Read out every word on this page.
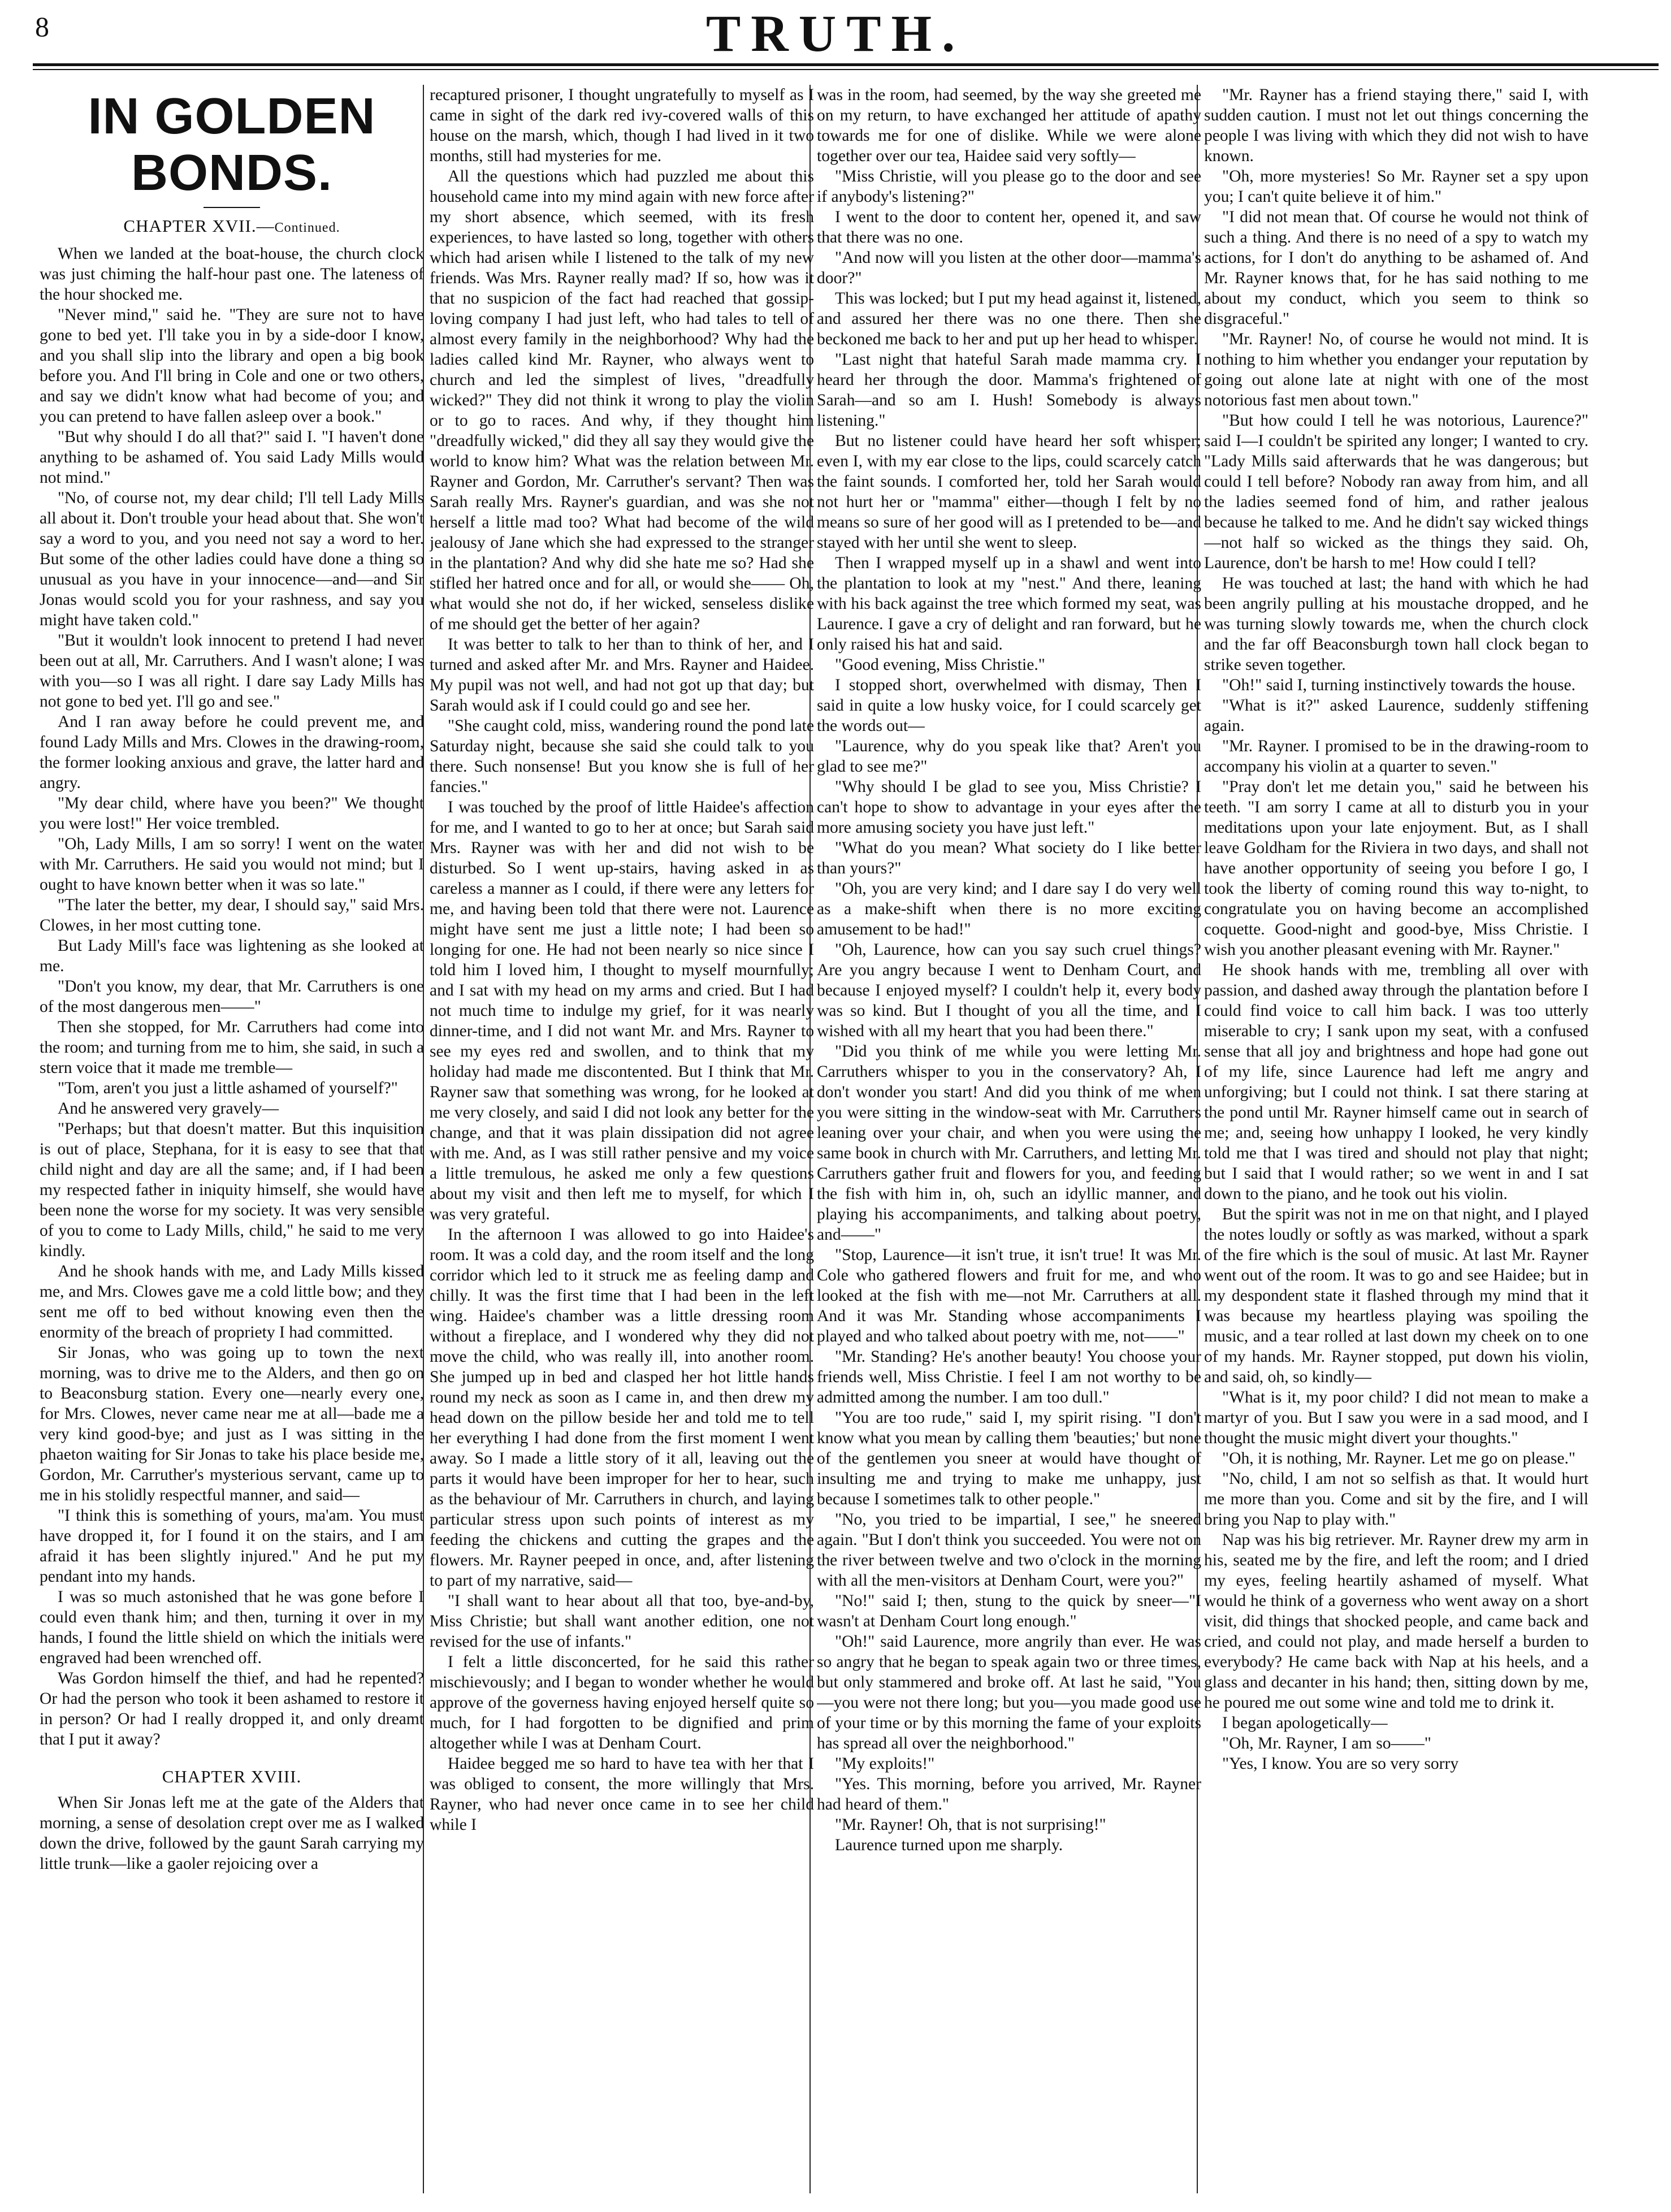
8	TRUTH.
IN GOLDEN BONDS.
CHAPTER XVII.—Continued.

When we landed at the boat-house, the church clock was just chiming the half-hour past one. The lateness of the hour shocked me.

"Never mind," said he. "They are sure not to have gone to bed yet. I'll take you in by a side-door I know, and you shall slip into the library and open a big book before you. And I'll bring in Cole and one or two others, and say we didn't know what had become of you; and you can pretend to have fallen asleep over a book."

"But why should I do all that?" said I. "I haven't done anything to be ashamed of. You said Lady Mills would not mind."

"No, of course not, my dear child; I'll tell Lady Mills all about it. Don't trouble your head about that. She won't say a word to you, and you need not say a word to her. But some of the other ladies could have done a thing so unusual as you have in your innocence—and—and Sir Jonas would scold you for your rashness, and say you might have taken cold."

"But it wouldn't look innocent to pretend I had never been out at all, Mr. Carruthers. And I wasn't alone; I was with you—so I was all right. I dare say Lady Mills has not gone to bed yet. I'll go and see."

And I ran away before he could prevent me, and found Lady Mills and Mrs. Clowes in the drawing-room, the former looking anxious and grave, the latter hard and angry.

"My dear child, where have you been?" We thought you were lost!" Her voice trembled.

"Oh, Lady Mills, I am so sorry! I went on the water with Mr. Carruthers. He said you would not mind; but I ought to have known better when it was so late."

"The later the better, my dear, I should say," said Mrs. Clowes, in her most cutting tone.

But Lady Mill's face was lightening as she looked at me.

"Don't you know, my dear, that Mr. Carruthers is one of the most dangerous men——"

Then she stopped, for Mr. Carruthers had come into the room; and turning from me to him, she said, in such a stern voice that it made me tremble—

"Tom, aren't you just a little ashamed of yourself?"

And he answered very gravely—

"Perhaps; but that doesn't matter. But this inquisition is out of place, Stephana, for it is easy to see that that child night and day are all the same; and, if I had been my respected father in iniquity himself, she would have been none the worse for my society. It was very sensible of you to come to Lady Mills, child," he said to me very kindly.

And he shook hands with me, and Lady Mills kissed me, and Mrs. Clowes gave me a cold little bow; and they sent me off to bed without knowing even then the enormity of the breach of propriety I had committed.

Sir Jonas, who was going up to town the next morning, was to drive me to the Alders, and then go on to Beaconsburg station. Every one—nearly every one, for Mrs. Clowes, never came near me at all—bade me a very kind good-bye; and just as I was sitting in the phaeton waiting for Sir Jonas to take his place beside me, Gordon, Mr. Carruther's mysterious servant, came up to me in his stolidly respectful manner, and said—

"I think this is something of yours, ma'am. You must have dropped it, for I found it on the stairs, and I am afraid it has been slightly injured." And he put my pendant into my hands.

I was so much astonished that he was gone before I could even thank him; and then, turning it over in my hands, I found the little shield on which the initials were engraved had been wrenched off.

Was Gordon himself the thief, and had he repented? Or had the person who took it been ashamed to restore it in person? Or had I really dropped it, and only dreamt that I put it away?

CHAPTER XVIII.

When Sir Jonas left me at the gate of the Alders that morning, a sense of desolation crept over me as I walked down the drive, followed by the gaunt Sarah carrying my little trunk—like a gaoler rejoicing over a

recaptured prisoner, I thought ungratefully to myself as I came in sight of the dark red ivy-covered walls of this house on the marsh, which, though I had lived in it two months, still had mysteries for me.

All the questions which had puzzled me about this household came into my mind again with new force after my short absence, which seemed, with its fresh experiences, to have lasted so long, together with others which had arisen while I listened to the talk of my new friends. Was Mrs. Rayner really mad? If so, how was it that no suspicion of the fact had reached that gossip-loving company I had just left, who had tales to tell of almost every family in the neighborhood? Why had the ladies called kind Mr. Rayner, who always went to church and led the simplest of lives, "dreadfully wicked?" They did not think it wrong to play the violin or to go to races. And why, if they thought him "dreadfully wicked," did they all say they would give the world to know him? What was the relation between Mr. Rayner and Gordon, Mr. Carruther's servant? Then was Sarah really Mrs. Rayner's guardian, and was she not herself a little mad too? What had become of the wild jealousy of Jane which she had expressed to the stranger in the plantation? And why did she hate me so? Had she stifled her hatred once and for all, or would she—— Oh, what would she not do, if her wicked, senseless dislike of me should get the better of her again?

It was better to talk to her than to think of her, and I turned and asked after Mr. and Mrs. Rayner and Haidee. My pupil was not well, and had not got up that day; but Sarah would ask if I could could go and see her.

"She caught cold, miss, wandering round the pond late Saturday night, because she said she could talk to you there. Such nonsense! But you know she is full of her fancies."

I was touched by the proof of little Haidee's affection for me, and I wanted to go to her at once; but Sarah said Mrs. Rayner was with her and did not wish to be disturbed. So I went up-stairs, having asked in as careless a manner as I could, if there were any letters for me, and having been told that there were not. Laurence might have sent me just a little note; I had been so longing for one. He had not been nearly so nice since I told him I loved him, I thought to myself mournfully; and I sat with my head on my arms and cried. But I had not much time to indulge my grief, for it was nearly dinner-time, and I did not want Mr. and Mrs. Rayner to see my eyes red and swollen, and to think that my holiday had made me discontented. But I think that Mr. Rayner saw that something was wrong, for he looked at me very closely, and said I did not look any better for the change, and that it was plain dissipation did not agree with me. And, as I was still rather pensive and my voice a little tremulous, he asked me only a few questions about my visit and then left me to myself, for which I was very grateful.

In the afternoon I was allowed to go into Haidee's room. It was a cold day, and the room itself and the long corridor which led to it struck me as feeling damp and chilly. It was the first time that I had been in the left wing. Haidee's chamber was a little dressing room without a fireplace, and I wondered why they did not move the child, who was really ill, into another room. She jumped up in bed and clasped her hot little hands round my neck as soon as I came in, and then drew my head down on the pillow beside her and told me to tell her everything I had done from the first moment I went away. So I made a little story of it all, leaving out the parts it would have been improper for her to hear, such as the behaviour of Mr. Carruthers in church, and laying particular stress upon such points of interest as my feeding the chickens and cutting the grapes and the flowers. Mr. Rayner peeped in once, and, after listening to part of my narrative, said—

"I shall want to hear about all that too, bye-and-by, Miss Christie; but shall want another edition, one not revised for the use of infants."

I felt a little disconcerted, for he said this rather mischievously; and I began to wonder whether he would approve of the governess having enjoyed herself quite so much, for I had forgotten to be dignified and prim altogether while I was at Denham Court.

Haidee begged me so hard to have tea with her that I was obliged to consent, the more willingly that Mrs. Rayner, who had never once came in to see her child while I

was in the room, had seemed, by the way she greeted me on my return, to have exchanged her attitude of apathy towards me for one of dislike. While we were alone together over our tea, Haidee said very softly—

"Miss Christie, will you please go to the door and see if anybody's listening?"

I went to the door to content her, opened it, and saw that there was no one.

"And now will you listen at the other door—mamma's door?"

This was locked; but I put my head against it, listened, and assured her there was no one there. Then she beckoned me back to her and put up her head to whisper.

"Last night that hateful Sarah made mamma cry. I heard her through the door. Mamma's frightened of Sarah—and so am I. Hush! Somebody is always listening."

But no listener could have heard her soft whisper; even I, with my ear close to the lips, could scarcely catch the faint sounds. I comforted her, told her Sarah would not hurt her or "mamma" either—though I felt by no means so sure of her good will as I pretended to be—and stayed with her until she went to sleep.

Then I wrapped myself up in a shawl and went into the plantation to look at my "nest." And there, leaning with his back against the tree which formed my seat, was Laurence. I gave a cry of delight and ran forward, but he only raised his hat and said.

"Good evening, Miss Christie."

I stopped short, overwhelmed with dismay, Then I said in quite a low husky voice, for I could scarcely get the words out—

"Laurence, why do you speak like that? Aren't you glad to see me?"

"Why should I be glad to see you, Miss Christie? I can't hope to show to advantage in your eyes after the more amusing society you have just left."

"What do you mean? What society do I like better than yours?"

"Oh, you are very kind; and I dare say I do very well as a make-shift when there is no more exciting amusement to be had!"

"Oh, Laurence, how can you say such cruel things? Are you angry because I went to Denham Court, and because I enjoyed myself? I couldn't help it, every body was so kind. But I thought of you all the time, and I wished with all my heart that you had been there."

"Did you think of me while you were letting Mr. Carruthers whisper to you in the conservatory? Ah, I don't wonder you start! And did you think of me when you were sitting in the window-seat with Mr. Carruthers leaning over your chair, and when you were using the same book in church with Mr. Carruthers, and letting Mr. Carruthers gather fruit and flowers for you, and feeding the fish with him in, oh, such an idyllic manner, and playing his accompaniments, and talking about poetry, and——"

"Stop, Laurence—it isn't true, it isn't true! It was Mr. Cole who gathered flowers and fruit for me, and who looked at the fish with me—not Mr. Carruthers at all. And it was Mr. Standing whose accompaniments I played and who talked about poetry with me, not——"

"Mr. Standing? He's another beauty! You choose your friends well, Miss Christie. I feel I am not worthy to be admitted among the number. I am too dull."

"You are too rude," said I, my spirit rising. "I don't know what you mean by calling them 'beauties;' but none of the gentlemen you sneer at would have thought of insulting me and trying to make me unhappy, just because I sometimes talk to other people."

"No, you tried to be impartial, I see," he sneered again. "But I don't think you succeeded. You were not on the river between twelve and two o'clock in the morning with all the men-visitors at Denham Court, were you?"

"No!" said I; then, stung to the quick by sneer—"I wasn't at Denham Court long enough."

"Oh!" said Laurence, more angrily than ever. He was so angry that he began to speak again two or three times, but only stammered and broke off. At last he said, "You—you were not there long; but you—you made good use of your time or by this morning the fame of your exploits has spread all over the neighborhood."

"My exploits!"

"Yes. This morning, before you arrived, Mr. Rayner had heard of them."

"Mr. Rayner! Oh, that is not surprising!"

Laurence turned upon me sharply.

"Mr. Rayner has a friend staying there," said I, with sudden caution. I must not let out things concerning the people I was living with which they did not wish to have known.

"Oh, more mysteries! So Mr. Rayner set a spy upon you; I can't quite believe it of him."

"I did not mean that. Of course he would not think of such a thing. And there is no need of a spy to watch my actions, for I don't do anything to be ashamed of. And Mr. Rayner knows that, for he has said nothing to me about my conduct, which you seem to think so disgraceful."

"Mr. Rayner! No, of course he would not mind. It is nothing to him whether you endanger your reputation by going out alone late at night with one of the most notorious fast men about town."

"But how could I tell he was notorious, Laurence?" said I—I couldn't be spirited any longer; I wanted to cry. "Lady Mills said afterwards that he was dangerous; but could I tell before? Nobody ran away from him, and all the ladies seemed fond of him, and rather jealous because he talked to me. And he didn't say wicked things—not half so wicked as the things they said. Oh, Laurence, don't be harsh to me! How could I tell?

He was touched at last; the hand with which he had been angrily pulling at his moustache dropped, and he was turning slowly towards me, when the church clock and the far off Beaconsburgh town hall clock began to strike seven together.

"Oh!" said I, turning instinctively towards the house.

"What is it?" asked Laurence, suddenly stiffening again.

"Mr. Rayner. I promised to be in the drawing-room to accompany his violin at a quarter to seven."

"Pray don't let me detain you," said he between his teeth. "I am sorry I came at all to disturb you in your meditations upon your late enjoyment. But, as I shall leave Goldham for the Riviera in two days, and shall not have another opportunity of seeing you before I go, I took the liberty of coming round this way to-night, to congratulate you on having become an accomplished coquette. Good-night and good-bye, Miss Christie. I wish you another pleasant evening with Mr. Rayner."

He shook hands with me, trembling all over with passion, and dashed away through the plantation before I could find voice to call him back. I was too utterly miserable to cry; I sank upon my seat, with a confused sense that all joy and brightness and hope had gone out of my life, since Laurence had left me angry and unforgiving; but I could not think. I sat there staring at the pond until Mr. Rayner himself came out in search of me; and, seeing how unhappy I looked, he very kindly told me that I was tired and should not play that night; but I said that I would rather; so we went in and I sat down to the piano, and he took out his violin.

But the spirit was not in me on that night, and I played the notes loudly or softly as was marked, without a spark of the fire which is the soul of music. At last Mr. Rayner went out of the room. It was to go and see Haidee; but in my despondent state it flashed through my mind that it was because my heartless playing was spoiling the music, and a tear rolled at last down my cheek on to one of my hands. Mr. Rayner stopped, put down his violin, and said, oh, so kindly—

"What is it, my poor child? I did not mean to make a martyr of you. But I saw you were in a sad mood, and I thought the music might divert your thoughts."

"Oh, it is nothing, Mr. Rayner. Let me go on please."

"No, child, I am not so selfish as that. It would hurt me more than you. Come and sit by the fire, and I will bring you Nap to play with."

Nap was his big retriever. Mr. Rayner drew my arm in his, seated me by the fire, and left the room; and I dried my eyes, feeling heartily ashamed of myself. What would he think of a governess who went away on a short visit, did things that shocked people, and came back and cried, and could not play, and made herself a burden to everybody? He came back with Nap at his heels, and a glass and decanter in his hand; then, sitting down by me, he poured me out some wine and told me to drink it.

I began apologetically—

"Oh, Mr. Rayner, I am so——"

"Yes, I know. You are so very sorry
